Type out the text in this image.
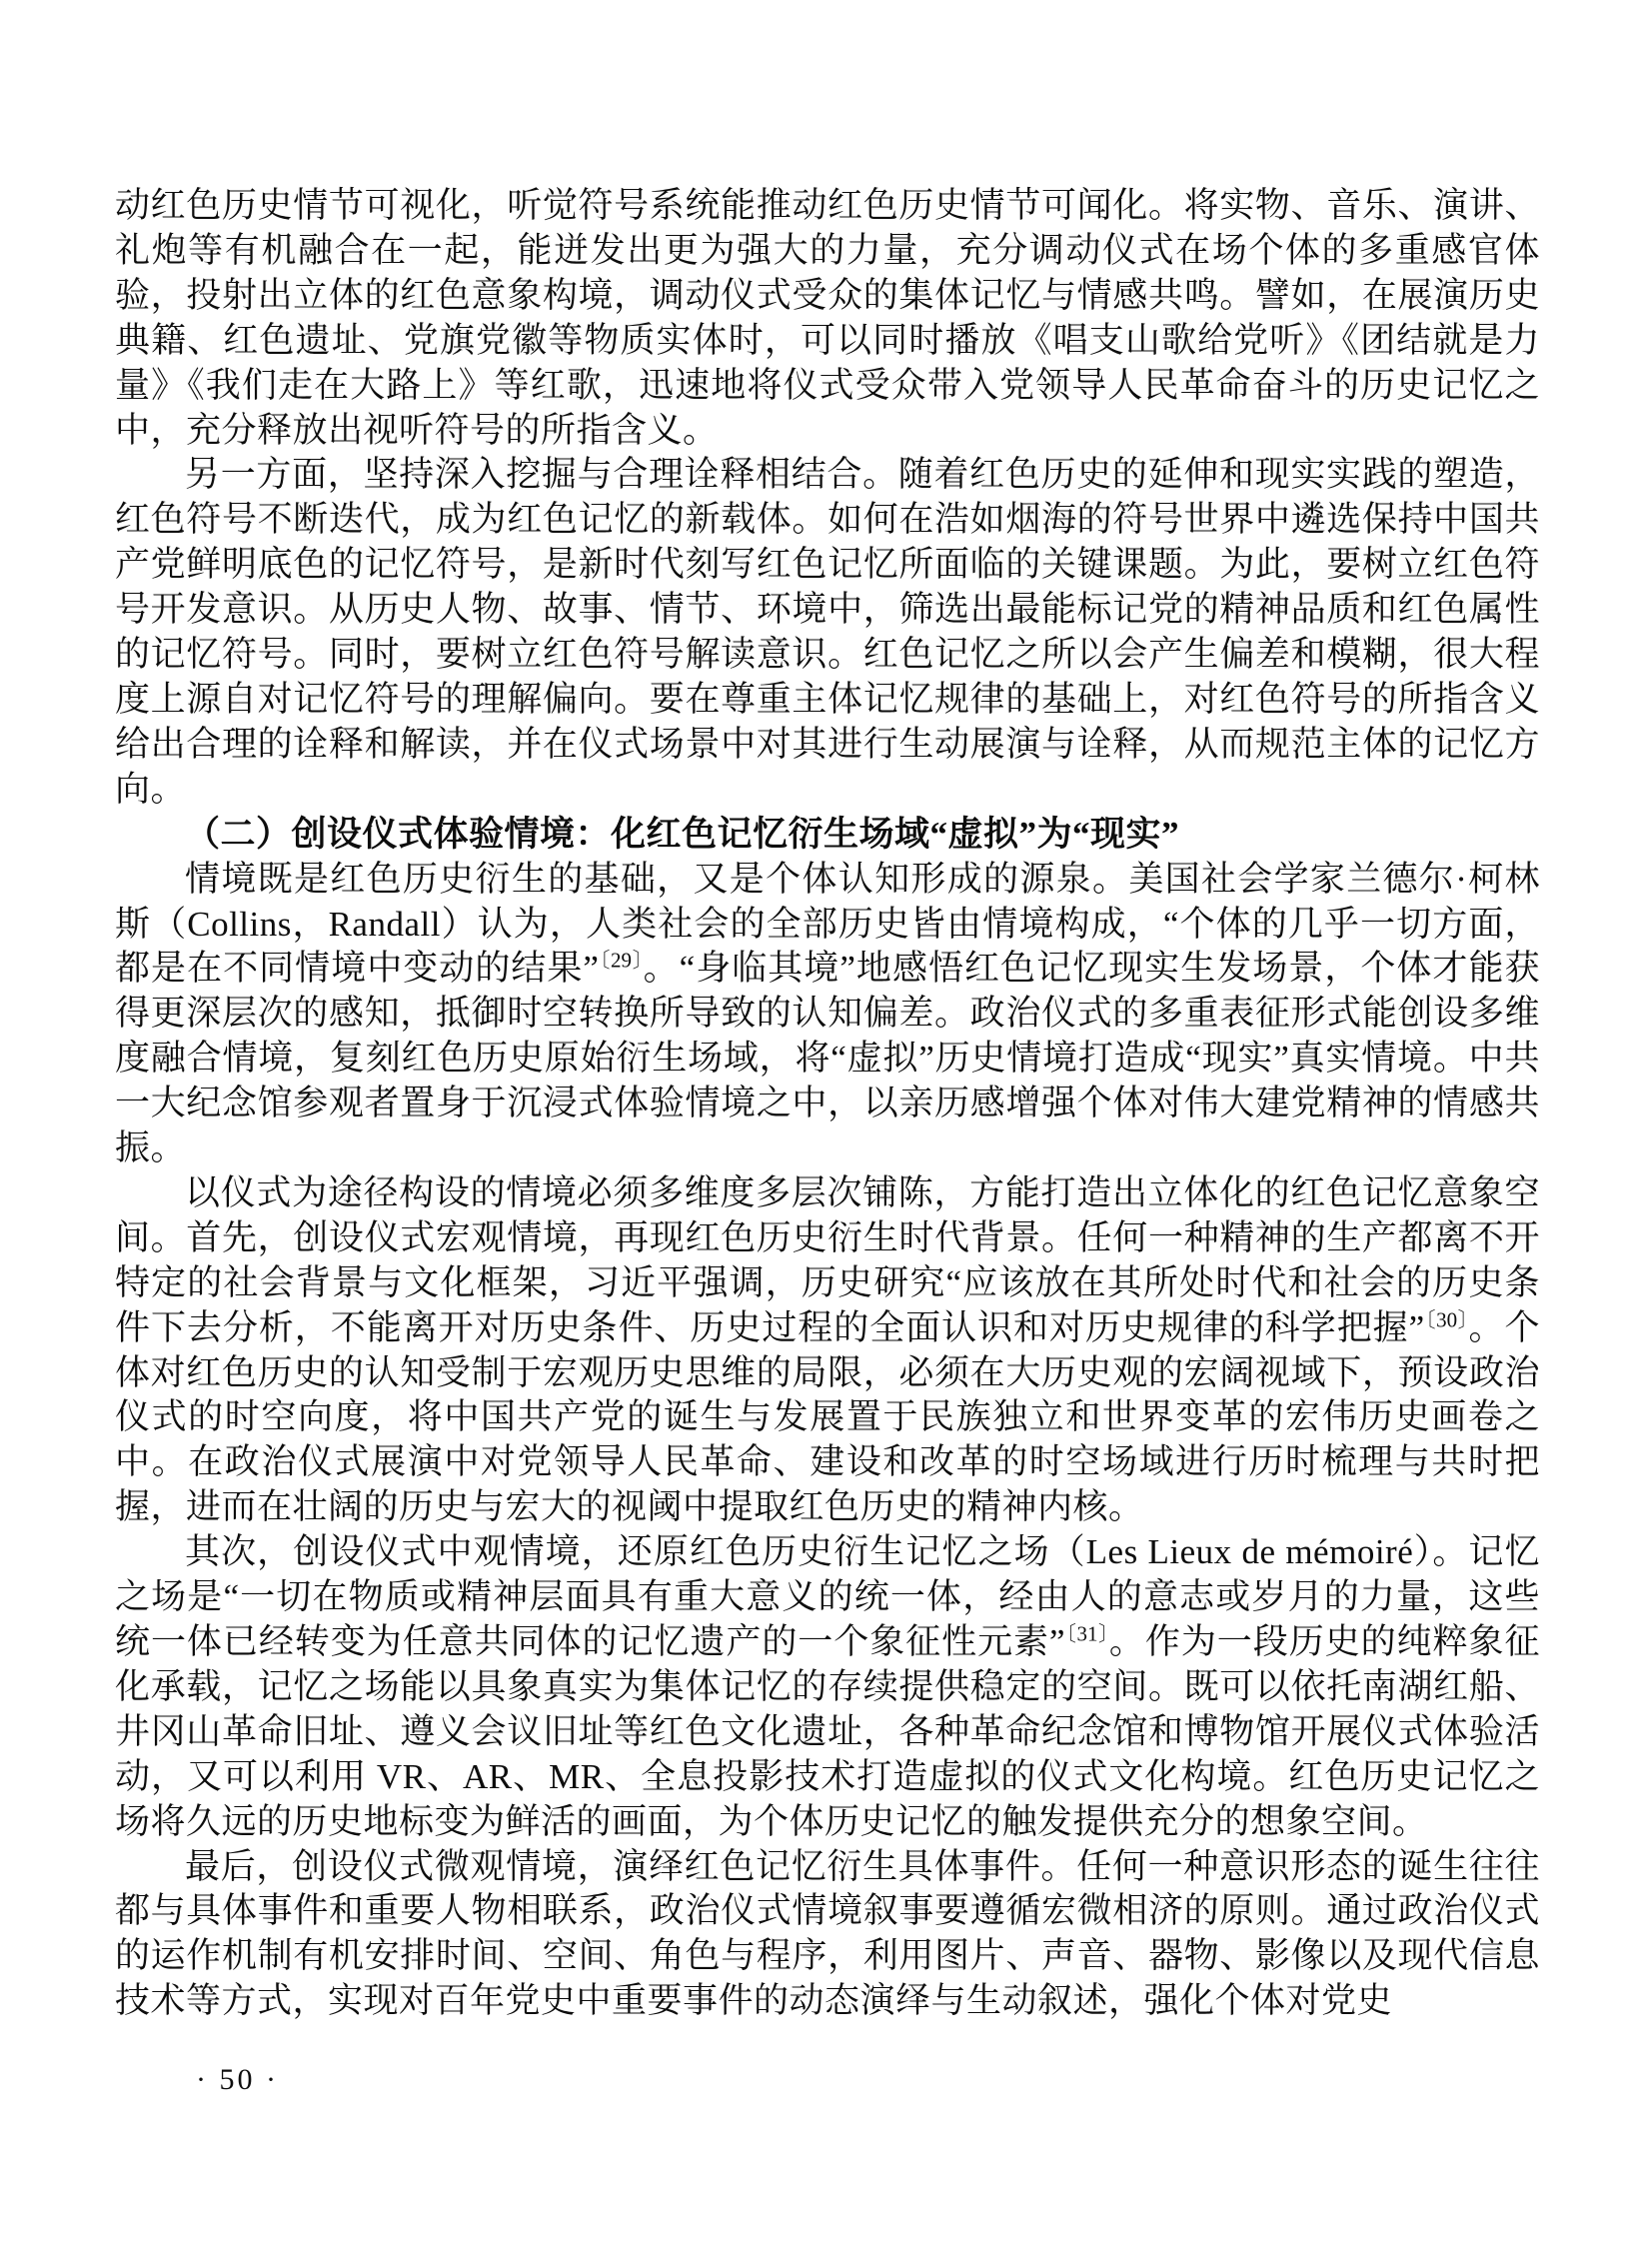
动红色历史情节可视化，听觉符号系统能推动红色历史情节可闻化。将实物、音乐、演讲、礼炮等有机融合在一起，能迸发出更为强大的力量，充分调动仪式在场个体的多重感官体验，投射出立体的红色意象构境，调动仪式受众的集体记忆与情感共鸣。譬如，在展演历史典籍、红色遗址、党旗党徽等物质实体时，可以同时播放《唱支山歌给党听》《团结就是力量》《我们走在大路上》等红歌，迅速地将仪式受众带入党领导人民革命奋斗的历史记忆之中，充分释放出视听符号的所指含义。

另一方面，坚持深入挖掘与合理诠释相结合。随着红色历史的延伸和现实实践的塑造，红色符号不断迭代，成为红色记忆的新载体。如何在浩如烟海的符号世界中遴选保持中国共产党鲜明底色的记忆符号，是新时代刻写红色记忆所面临的关键课题。为此，要树立红色符号开发意识。从历史人物、故事、情节、环境中，筛选出最能标记党的精神品质和红色属性的记忆符号。同时，要树立红色符号解读意识。红色记忆之所以会产生偏差和模糊，很大程度上源自对记忆符号的理解偏向。要在尊重主体记忆规律的基础上，对红色符号的所指含义给出合理的诠释和解读，并在仪式场景中对其进行生动展演与诠释，从而规范主体的记忆方向。

（二）创设仪式体验情境：化红色记忆衍生场域“虚拟”为“现实”

情境既是红色历史衍生的基础，又是个体认知形成的源泉。美国社会学家兰德尔·柯林斯（Collins，Randall）认为，人类社会的全部历史皆由情境构成，“个体的几乎一切方面，都是在不同情境中变动的结果”$^{〔29〕}$。“身临其境”地感悟红色记忆现实生发场景，个体才能获得更深层次的感知，抵御时空转换所导致的认知偏差。政治仪式的多重表征形式能创设多维度融合情境，复刻红色历史原始衍生场域，将“虚拟”历史情境打造成“现实”真实情境。中共一大纪念馆参观者置身于沉浸式体验情境之中，以亲历感增强个体对伟大建党精神的情感共振。

以仪式为途径构设的情境必须多维度多层次铺陈，方能打造出立体化的红色记忆意象空间。首先，创设仪式宏观情境，再现红色历史衍生时代背景。任何一种精神的生产都离不开特定的社会背景与文化框架，习近平强调，历史研究“应该放在其所处时代和社会的历史条件下去分析，不能离开对历史条件、历史过程的全面认识和对历史规律的科学把握”$^{〔30〕}$。个体对红色历史的认知受制于宏观历史思维的局限，必须在大历史观的宏阔视域下，预设政治仪式的时空向度，将中国共产党的诞生与发展置于民族独立和世界变革的宏伟历史画卷之中。在政治仪式展演中对党领导人民革命、建设和改革的时空场域进行历时梳理与共时把握，进而在壮阔的历史与宏大的视阈中提取红色历史的精神内核。

其次，创设仪式中观情境，还原红色历史衍生记忆之场（Les Lieux de mémoiré）。记忆之场是“一切在物质或精神层面具有重大意义的统一体，经由人的意志或岁月的力量，这些统一体已经转变为任意共同体的记忆遗产的一个象征性元素”$^{〔31〕}$。作为一段历史的纯粹象征化承载，记忆之场能以具象真实为集体记忆的存续提供稳定的空间。既可以依托南湖红船、井冈山革命旧址、遵义会议旧址等红色文化遗址，各种革命纪念馆和博物馆开展仪式体验活动，又可以利用 VR、AR、MR、全息投影技术打造虚拟的仪式文化构境。红色历史记忆之场将久远的历史地标变为鲜活的画面，为个体历史记忆的触发提供充分的想象空间。

最后，创设仪式微观情境，演绎红色记忆衍生具体事件。任何一种意识形态的诞生往往都与具体事件和重要人物相联系，政治仪式情境叙事要遵循宏微相济的原则。通过政治仪式的运作机制有机安排时间、空间、角色与程序，利用图片、声音、器物、影像以及现代信息技术等方式，实现对百年党史中重要事件的动态演绎与生动叙述，强化个体对党史

· 50 ·
